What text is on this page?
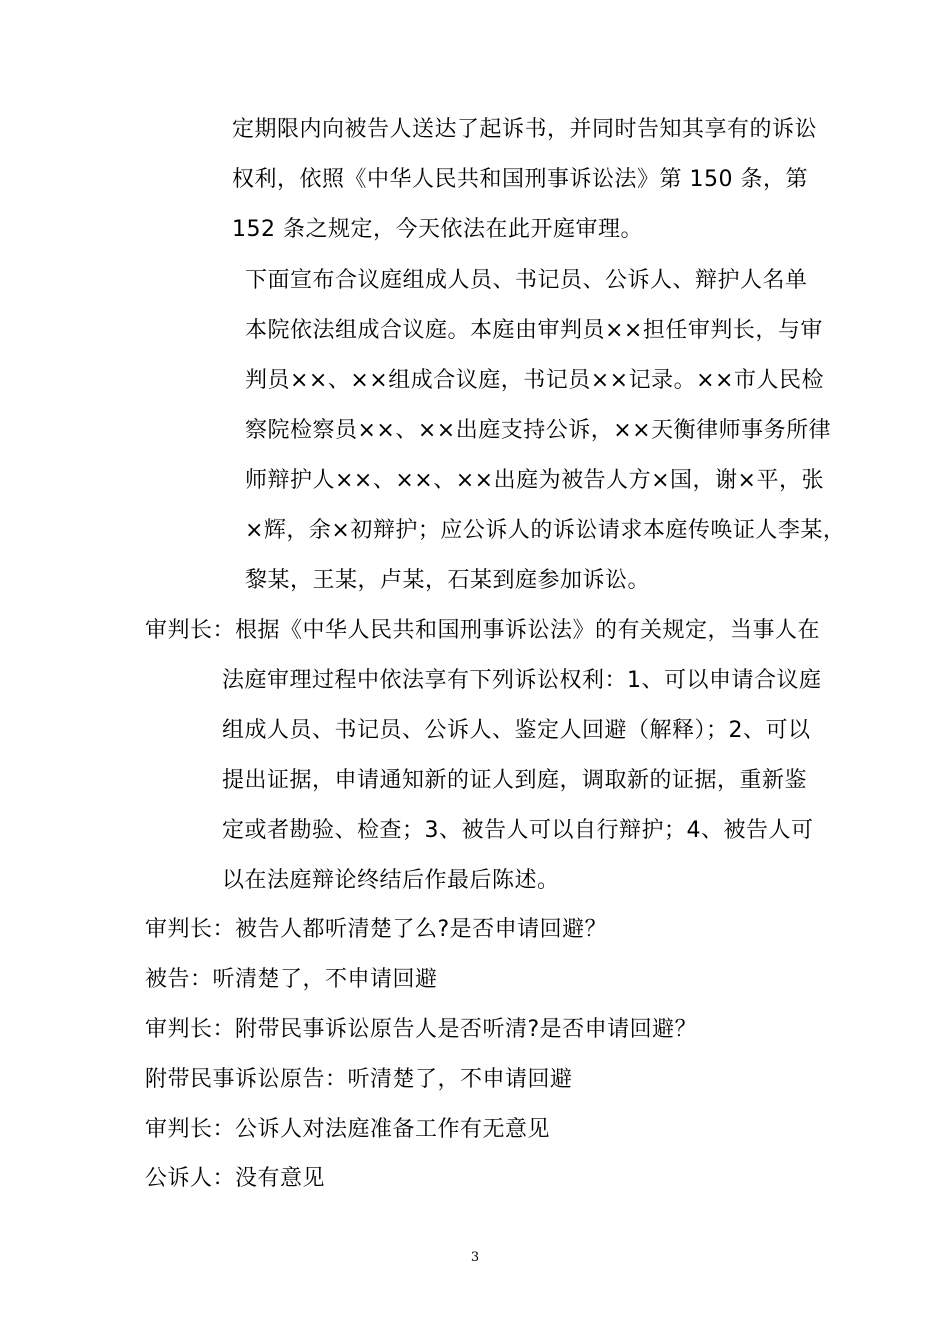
定期限内向被告人送达了起诉书，并同时告知其享有的诉讼
权利，依照《中华人民共和国刑事诉讼法》第 150 条，第
152 条之规定，今天依法在此开庭审理。
下面宣布合议庭组成人员、书记员、公诉人、辩护人名单
本院依法组成合议庭。本庭由审判员××担任审判长，与审
判员××、××组成合议庭，书记员××记录。××市人民检
察院检察员××、××出庭支持公诉，××天衡律师事务所律
师辩护人××、××、××出庭为被告人方×国，谢×平，张
×辉，余×初辩护；应公诉人的诉讼请求本庭传唤证人李某，
黎某，王某，卢某，石某到庭参加诉讼。
审判长：根据《中华人民共和国刑事诉讼法》的有关规定，当事人在
法庭审理过程中依法享有下列诉讼权利：1、可以申请合议庭
组成人员、书记员、公诉人、鉴定人回避（解释）；2、可以
提出证据，申请通知新的证人到庭，调取新的证据，重新鉴
定或者勘验、检查；3、被告人可以自行辩护；4、被告人可
以在法庭辩论终结后作最后陈述。
审判长：被告人都听清楚了么?是否申请回避？
被告：听清楚了，不申请回避
审判长：附带民事诉讼原告人是否听清?是否申请回避？
附带民事诉讼原告：听清楚了，不申请回避
审判长：公诉人对法庭准备工作有无意见
公诉人：没有意见
3
